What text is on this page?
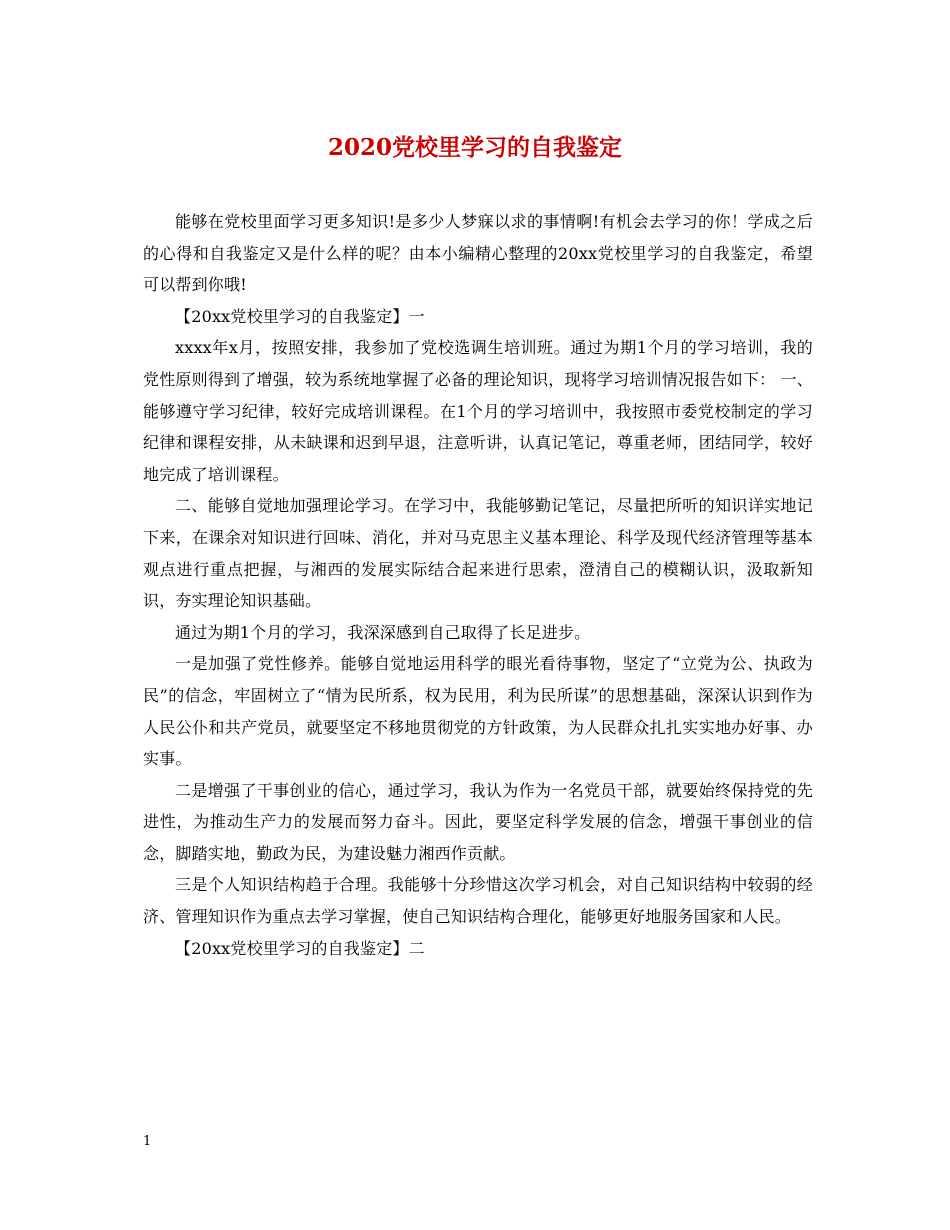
2020党校里学习的自我鉴定

能够在党校里面学习更多知识!是多少人梦寐以求的事情啊!有机会去学习的你！学成之后的心得和自我鉴定又是什么样的呢？由本小编精心整理的20xx党校里学习的自我鉴定，希望可以帮到你哦!

【20xx党校里学习的自我鉴定】一

xxxx年x月，按照安排，我参加了党校选调生培训班。通过为期1个月的学习培训，我的党性原则得到了增强，较为系统地掌握了必备的理论知识，现将学习培训情况报告如下： 一、能够遵守学习纪律，较好完成培训课程。在1个月的学习培训中，我按照市委党校制定的学习纪律和课程安排，从未缺课和迟到早退，注意听讲，认真记笔记，尊重老师，团结同学，较好地完成了培训课程。

二、能够自觉地加强理论学习。在学习中，我能够勤记笔记，尽量把所听的知识详实地记下来，在课余对知识进行回味、消化，并对马克思主义基本理论、科学及现代经济管理等基本观点进行重点把握，与湘西的发展实际结合起来进行思索，澄清自己的模糊认识，汲取新知识，夯实理论知识基础。

通过为期1个月的学习，我深深感到自己取得了长足进步。

一是加强了党性修养。能够自觉地运用科学的眼光看待事物，坚定了“立党为公、执政为民”的信念，牢固树立了“情为民所系，权为民用，利为民所谋”的思想基础，深深认识到作为人民公仆和共产党员，就要坚定不移地贯彻党的方针政策，为人民群众扎扎实实地办好事、办实事。

二是增强了干事创业的信心，通过学习，我认为作为一名党员干部，就要始终保持党的先进性，为推动生产力的发展而努力奋斗。因此，要坚定科学发展的信念，增强干事创业的信念，脚踏实地，勤政为民，为建设魅力湘西作贡献。

三是个人知识结构趋于合理。我能够十分珍惜这次学习机会，对自己知识结构中较弱的经济、管理知识作为重点去学习掌握，使自己知识结构合理化，能够更好地服务国家和人民。

【20xx党校里学习的自我鉴定】二

1
